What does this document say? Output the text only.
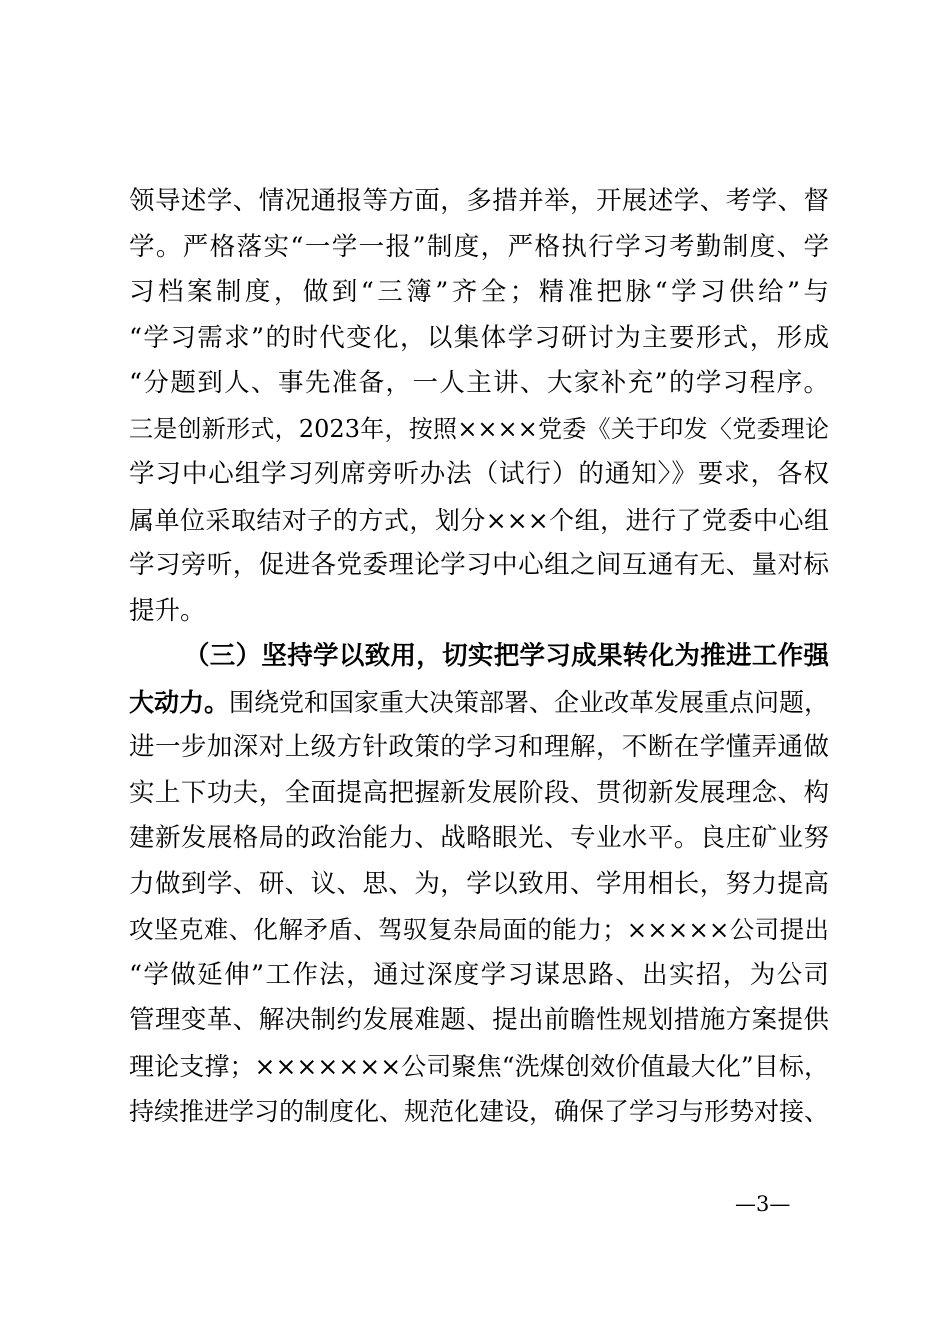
领导述学、情况通报等方面，多措并举，开展述学、考学、督
学。严格落实“一学一报”制度，严格执行学习考勤制度、学
习档案制度，做到“三簿”齐全；精准把脉“学习供给”与
“学习需求”的时代变化，以集体学习研讨为主要形式，形成
“分题到人、事先准备，一人主讲、大家补充”的学习程序。
三是创新形式，2023年，按照××××党委《关于印发〈党委理论
学习中心组学习列席旁听办法（试行）的通知〉》要求，各权
属单位采取结对子的方式，划分×××个组，进行了党委中心组
学习旁听，促进各党委理论学习中心组之间互通有无、量对标
提升。
（三）坚持学以致用，切实把学习成果转化为推进工作强
大动力。围绕党和国家重大决策部署、企业改革发展重点问题，
进一步加深对上级方针政策的学习和理解，不断在学懂弄通做
实上下功夫，全面提高把握新发展阶段、贯彻新发展理念、构
建新发展格局的政治能力、战略眼光、专业水平。良庄矿业努
力做到学、研、议、思、为，学以致用、学用相长，努力提高
攻坚克难、化解矛盾、驾驭复杂局面的能力；×××××公司提出
“学做延伸”工作法，通过深度学习谋思路、出实招，为公司
管理变革、解决制约发展难题、提出前瞻性规划措施方案提供
理论支撑；×××××××公司聚焦“洗煤创效价值最大化”目标，
持续推进学习的制度化、规范化建设，确保了学习与形势对接、
—3—
